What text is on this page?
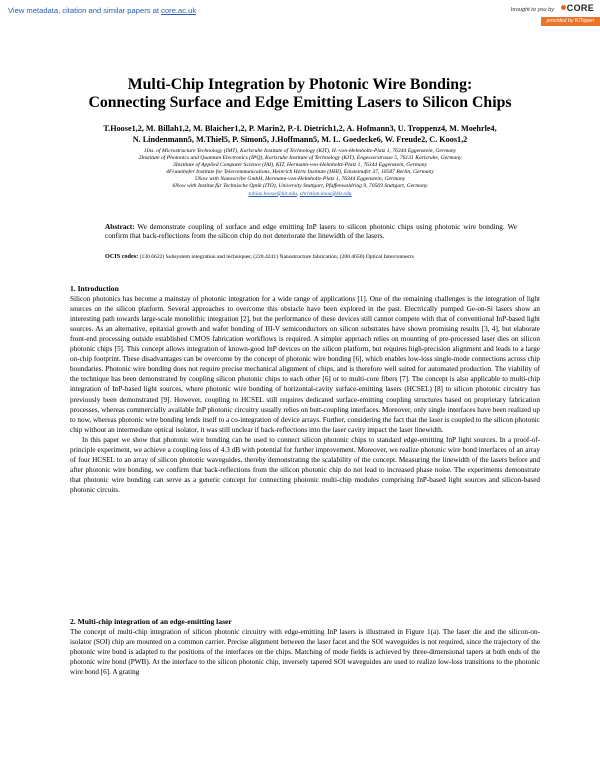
View metadata, citation and similar papers at core.ac.uk	brought to you by	CORE
provided by KITopen
Multi-Chip Integration by Photonic Wire Bonding:
Connecting Surface and Edge Emitting Lasers to Silicon Chips
T.Hoose1,2, M. Billah1,2, M. Blaicher1,2, P. Marin2, P.-I. Dietrich1,2, A. Hofmann3, U. Troppenz4, M. Moehrle4,
N. Lindenmann5, M.Thiel5, P. Simon5, J.Hoffmann5, M. L. Goedecke6, W. Freude2, C. Koos1,2
1Ins. of Microstructure Technology (IMT), Karlsruhe Institute of Technology (KIT), H.-von-Helmholtz-Platz 1, 76344 Eggenstein, Germany
2Institute of Photonics and Quantum Electronics (IPQ), Karlsruhe Institute of Technology (KIT), Engesserstrasse 5, 76131 Karlsruhe, Germany
3Institute of Applied Computer Science (IAI), KIT, Hermann-von-Helmholtz-Platz 1, 76344 Eggenstein, Germany
4Fraunhofer Institute for Telecommunications, Heinrich Hertz Institute (HHI), Einsteinufer 37, 10587 Berlin, Germany
5Now with Nanoscribe GmbH, Hermann-von-Helmholtz-Platz 1, 76344 Eggenstein, Germany
6Now with Institut für Technische Optik (ITO), University Stuttgart, Pfaffenwaldring 9, 70569 Stuttgart, Germany
tobias.hoose@kit.edu, christian.koos@kit.edu
Abstract: We demonstrate coupling of surface and edge emitting InP lasers to silicon photonic chips using photonic wire bonding. We confirm that back-reflections from the silicon chip do not deteriorate the linewidth of the lasers.
OCIS codes: (130.6622) Subsystem integration and techniques; (220.4241) Nanostructure fabrication; (200.4650) Optical Interconnects
1. Introduction
Silicon photonics has become a mainstay of photonic integration for a wide range of applications [1]. One of the remaining challenges is the integration of light sources on the silicon platform. Several approaches to overcome this obstacle have been explored in the past. Electrically pumped Ge-on-Si lasers show an interesting path towards large-scale monolithic integration [2], but the performance of these devices still cannot compete with that of conventional InP-based light sources. As an alternative, epitaxial growth and wafer bonding of III-V semiconductors on silicon substrates have shown promising results [3, 4], but elaborate front-end processing outside established CMOS fabrication workflows is required. A simpler approach relies on mounting of pre-processed laser dies on silicon photonic chips [5]. This concept allows integration of known-good InP devices on the silicon platform, but requires high-precision alignment and leads to a large on-chip footprint. These disadvantages can be overcome by the concept of photonic wire bonding [6], which enables low-loss single-mode connections across chip boundaries. Photonic wire bonding does not require precise mechanical alignment of chips, and is therefore well suited for automated production. The viability of the technique has been demonstrated by coupling silicon photonic chips to each other [6] or to multi-core fibers [7]. The concept is also applicable to multi-chip integration of InP-based light sources, where photonic wire bonding of horizontal-cavity surface-emitting lasers (HCSEL) [8] to silicon photonic circuitry has previously been demonstrated [9]. However, coupling to HCSEL still requires dedicated surface-emitting coupling structures based on proprietary fabrication processes, whereas commercially available InP photonic circuitry usually relies on butt-coupling interfaces. Moreover, only single interfaces have been realized up to now, whereas photonic wire bonding lends itself to a co-integration of device arrays. Further, considering the fact that the laser is coupled to the silicon photonic chip without an intermediate optical isolator, it was still unclear if back-reflections into the laser cavity impact the laser linewidth.
In this paper we show that photonic wire bonding can be used to connect silicon photonic chips to standard edge-emitting InP light sources. In a proof-of-principle experiment, we achieve a coupling loss of 4.3 dB with potential for further improvement. Moreover, we realize photonic wire bond interfaces of an array of four HCSEL to an array of silicon photonic waveguides, thereby demonstrating the scalability of the concept. Measuring the linewidth of the lasers before and after photonic wire bonding, we confirm that back-reflections from the silicon photonic chip do not lead to increased phase noise. The experiments demonstrate that photonic wire bonding can serve as a generic concept for connecting photonic multi-chip modules comprising InP-based light sources and silicon-based photonic circuits.
2. Multi-chip integration of an edge-emitting laser
The concept of multi-chip integration of silicon photonic circuitry with edge-emitting InP lasers is illustrated in Figure 1(a). The laser die and the silicon-on-isolator (SOI) chip are mounted on a common carrier. Precise alignment between the laser facet and the SOI waveguides is not required, since the trajectory of the photonic wire bond is adapted to the positions of the interfaces on the chips. Matching of mode fields is achieved by three-dimensional tapers at both ends of the photonic wire bond (PWB). At the interface to the silicon photonic chip, inversely tapered SOI waveguides are used to realize low-loss transitions to the photonic wire bond [6]. A grating
